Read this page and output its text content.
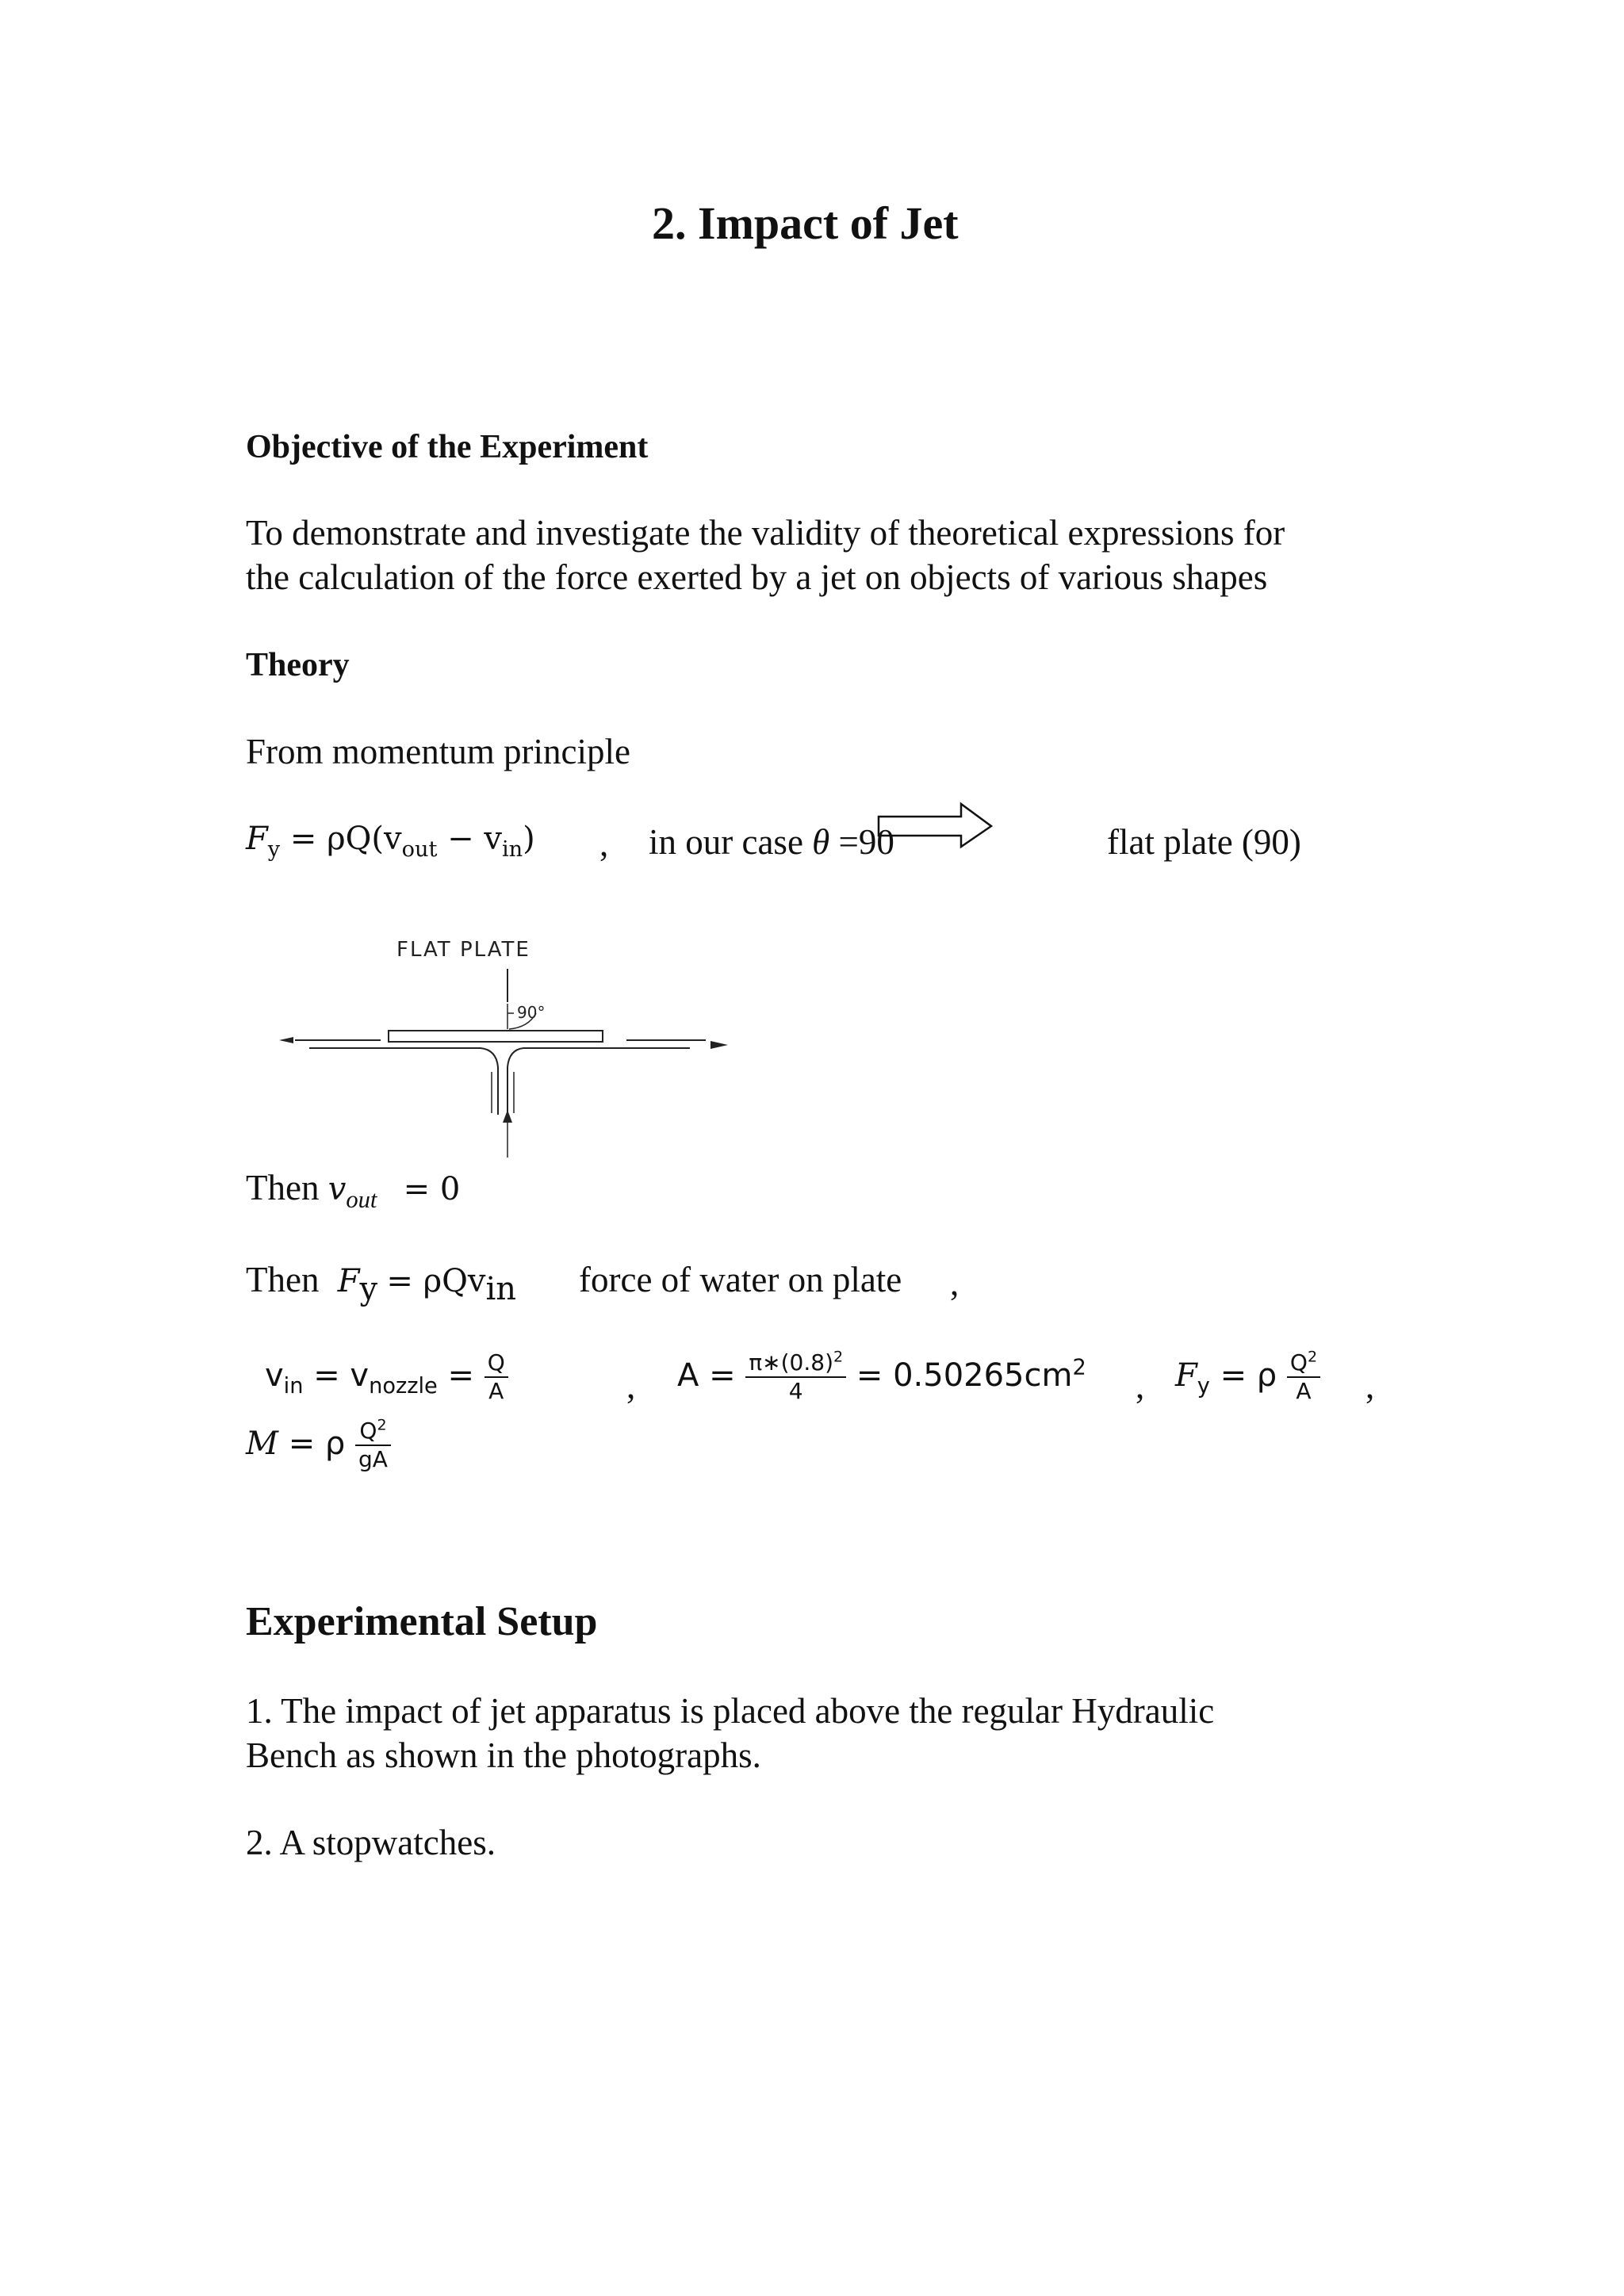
2. Impact of Jet
Objective of the Experiment
To demonstrate and investigate the validity of theoretical expressions for
the calculation of the force exerted by a jet on objects of various shapes
Theory
From momentum principle
$F_y = \rho Q(v_{out} - v_{in})$ , in our case θ =90	flat plate (90)
FLAT PLATE
90°
Then $v_{out} = 0$
Then $F_y = \rho Qv_{in}$ force of water on plate ,
$v_{in} = v_{nozzle} = \frac{Q}{A}$	, $A = \frac{\pi∗(0.8)^2}{4} = 0.50265cm^2$ , $F_y = \rho \frac{Q^2}{A}$ ,
M = ρ $\frac{Q^2}{gA}$
Experimental Setup
1. The impact of jet apparatus is placed above the regular Hydraulic
Bench as shown in the photographs.
2. A stopwatches.
